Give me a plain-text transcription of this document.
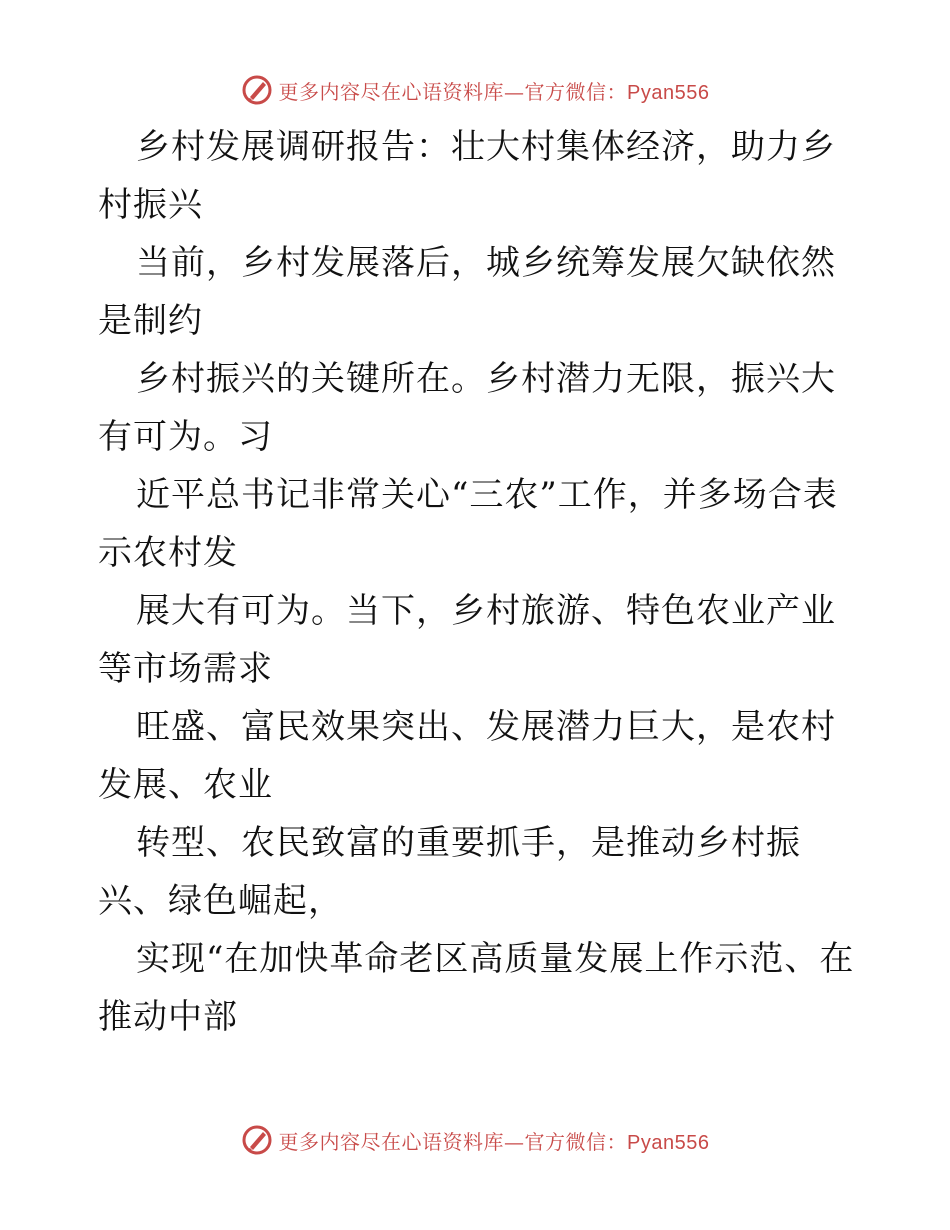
更多内容尽在心语资料库—官方微信：Pyan556

乡村发展调研报告：壮大村集体经济，助力乡村振兴

当前，乡村发展落后，城乡统筹发展欠缺依然是制约

乡村振兴的关键所在。乡村潜力无限，振兴大有可为。习

近平总书记非常关心“三农”工作，并多场合表示农村发

展大有可为。当下，乡村旅游、特色农业产业等市场需求

旺盛、富民效果突出、发展潜力巨大，是农村发展、农业

转型、农民致富的重要抓手，是推动乡村振兴、绿色崛起，

实现“在加快革命老区高质量发展上作示范、在推动中部

更多内容尽在心语资料库—官方微信：Pyan556
